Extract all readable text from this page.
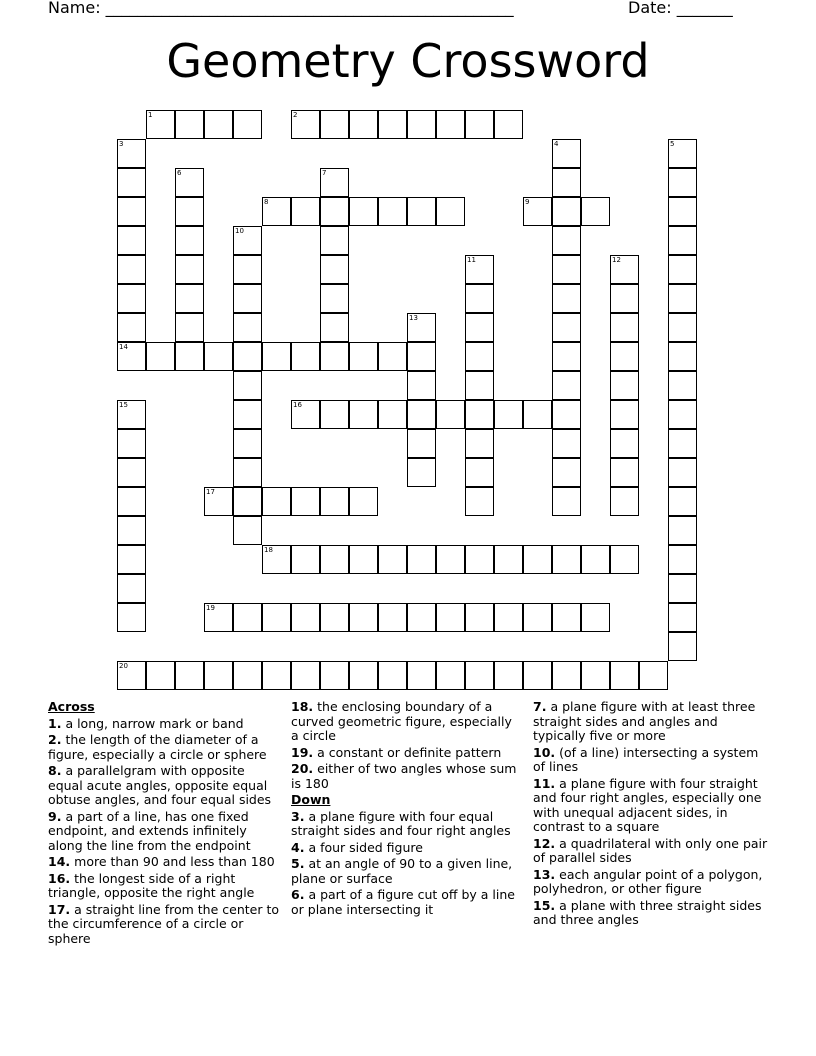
Name: ___________________________________________________	Date: _______
Geometry Crossword
1	2
8	9
14
16
17
18
19
20
3	4	5
6	7
10
11	12
13
15
Across
1. a long, narrow mark or band
2. the length of the diameter of a figure, especially a circle or sphere
8. a parallelgram with opposite equal acute angles, opposite equal obtuse angles, and four equal sides
9. a part of a line, has one fixed endpoint, and extends infinitely along the line from the endpoint
14. more than 90 and less than 180
16. the longest side of a right triangle, opposite the right angle
17. a straight line from the center to the circumference of a circle or sphere
18. the enclosing boundary of a curved geometric figure, especially a circle
19. a constant or definite pattern
20. either of two angles whose sum is 180
Down
3. a plane figure with four equal straight sides and four right angles
4. a four sided figure
5. at an angle of 90 to a given line, plane or surface
6. a part of a figure cut off by a line or plane intersecting it
7. a plane figure with at least three straight sides and angles and typically five or more
10. (of a line) intersecting a system of lines
11. a plane figure with four straight and four right angles, especially one with unequal adjacent sides, in contrast to a square
12. a quadrilateral with only one pair of parallel sides
13. each angular point of a polygon, polyhedron, or other figure
15. a plane with three straight sides and three angles
